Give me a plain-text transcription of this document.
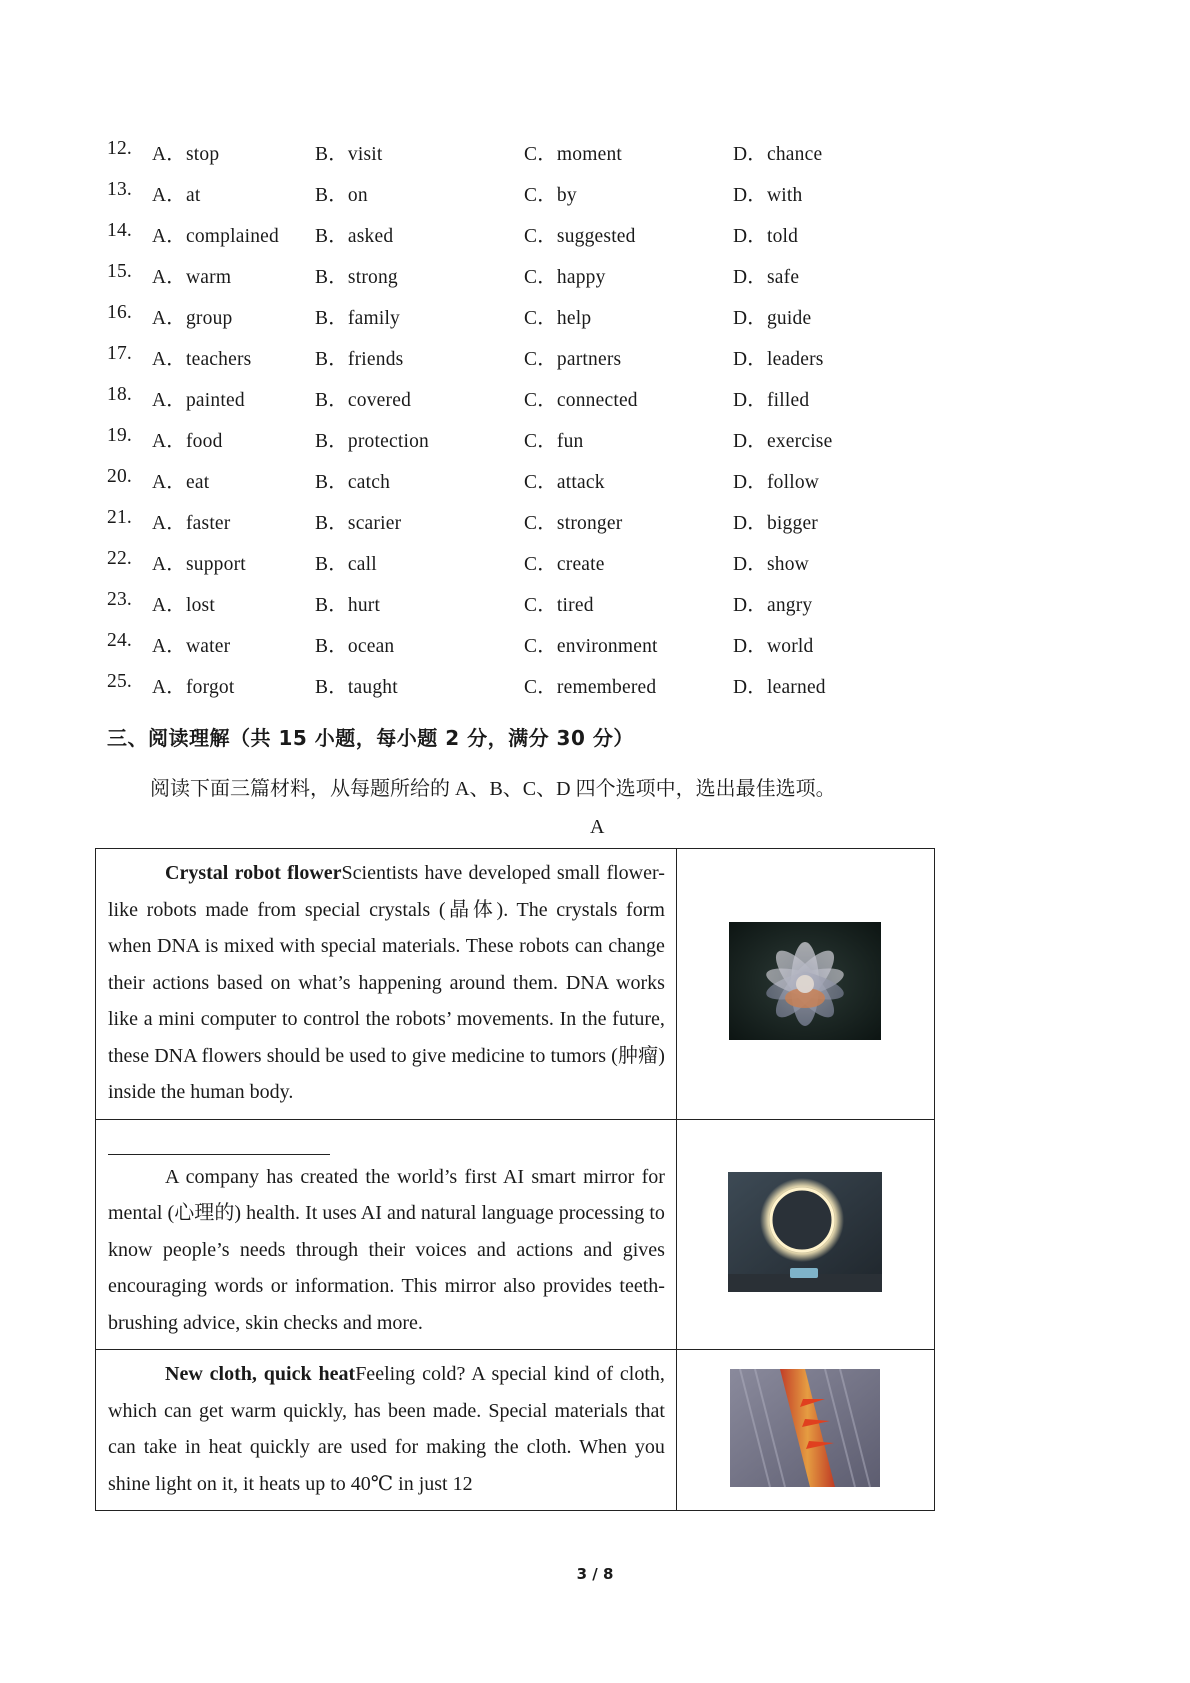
12. A．stop	B．visit	C．moment	D．chance
13. A．at	B．on	C．by	D．with
14. A．complained B．asked	C．suggested	D．told
15. A．warm	B．strong	C．happy	D．safe
16. A．group	B．family	C．help	D．guide
17. A．teachers	B．friends	C．partners	D．leaders
18. A．painted	B．covered	C．connected	D．filled
19. A．food	B．protection	C．fun	D．exercise
20. A．eat	B．catch	C．attack	D．follow
21. A．faster	B．scarier	C．stronger	D．bigger
22. A．support	B．call	C．create	D．show
23. A．lost	B．hurt	C．tired	D．angry
24. A．water	B．ocean	C．environment	D．world
25. A．forgot	B．taught	C．remembered	D．learned
三、阅读理解（共 15 小题，每小题 2 分，满分 30 分）
阅读下面三篇材料，从每题所给的 A、B、C、D 四个选项中，选出最佳选项。
A
Crystal robot flowerScientists have developed small flower-like robots made from special crystals (晶体). The crystals form when DNA is mixed with special materials. These robots can change their actions based on what’s happening around them. DNA works like a mini computer to control the robots’ movements. In the future, these DNA flowers should be used to give medicine to tumors (肿瘤) inside the human body.

A company has created the world’s first AI smart mirror for mental (心理的) health. It uses AI and natural language processing to know people’s needs through their voices and actions and gives encouraging words or information. This mirror also provides teeth-brushing advice, skin checks and more.

New cloth, quick heatFeeling cold? A special kind of cloth, which can get warm quickly, has been made. Special materials that can take in heat quickly are used for making the cloth. When you shine light on it, it heats up to 40℃ in just 12

3 / 8
